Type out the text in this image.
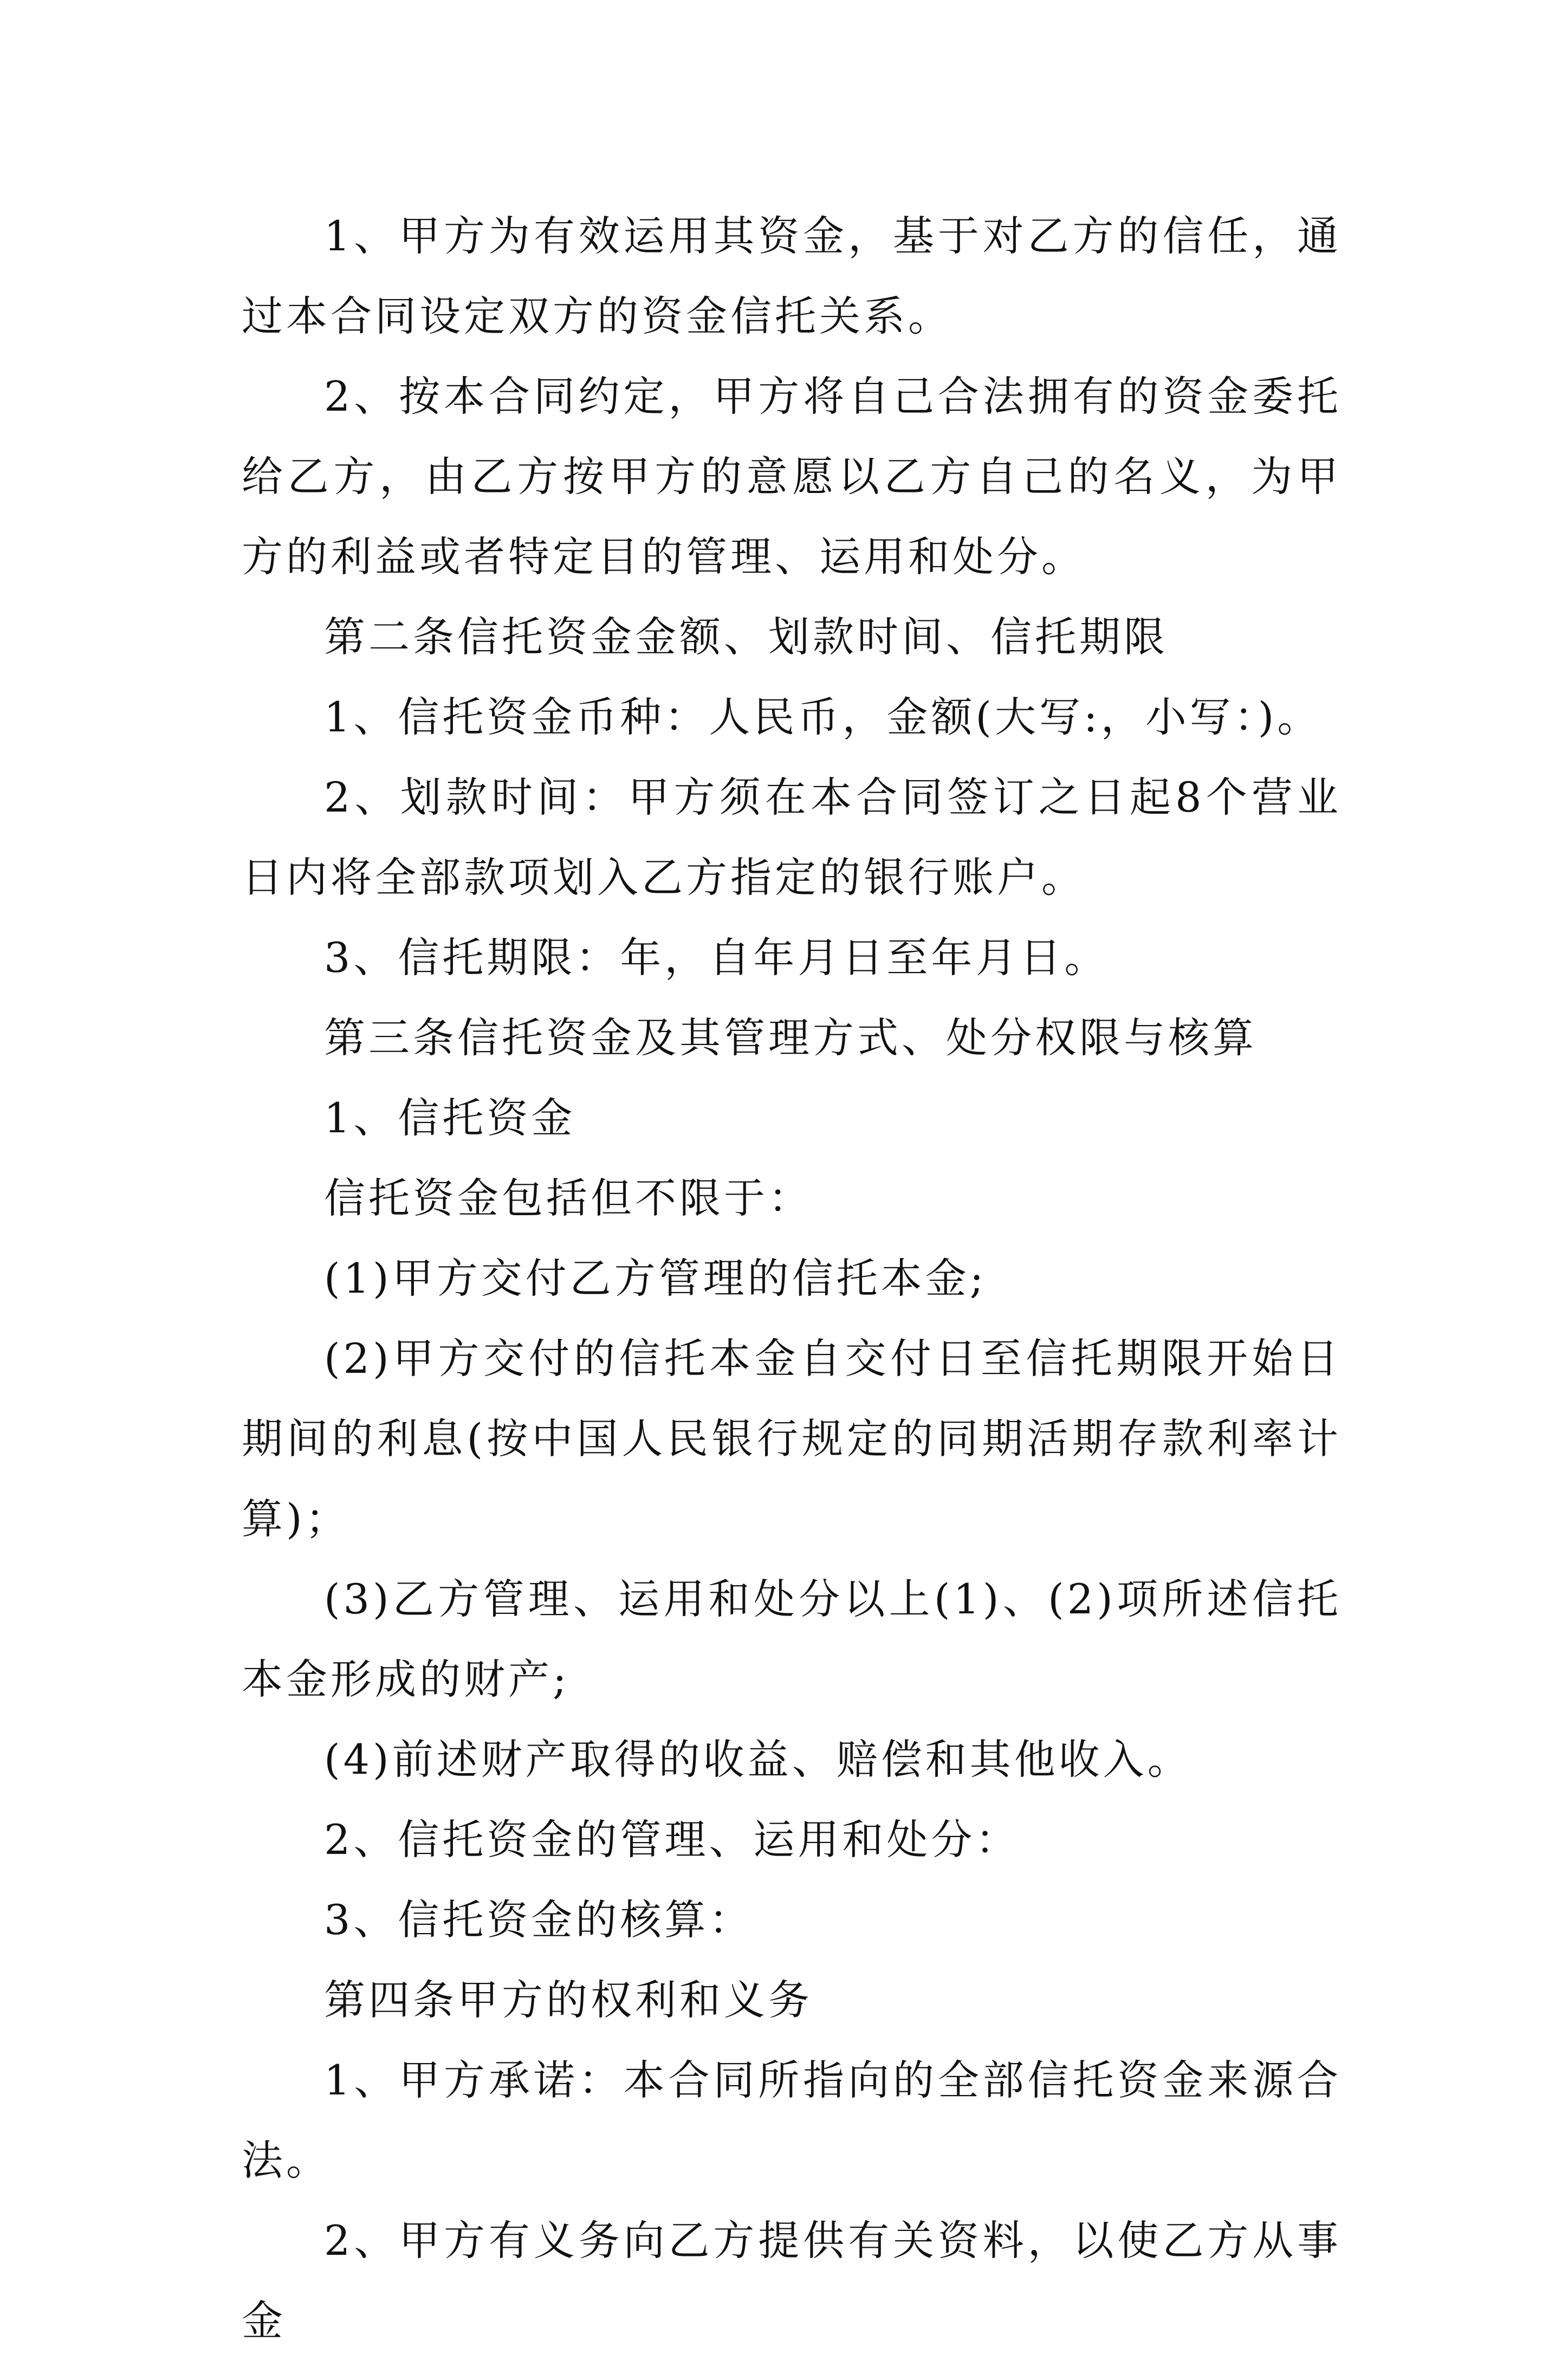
1、甲方为有效运用其资金，基于对乙方的信任，通过本合同设定双方的资金信托关系。

2、按本合同约定，甲方将自己合法拥有的资金委托给乙方，由乙方按甲方的意愿以乙方自己的名义，为甲方的利益或者特定目的管理、运用和处分。

第二条信托资金金额、划款时间、信托期限

1、信托资金币种：人民币，金额(大写:，小写：)。

2、划款时间：甲方须在本合同签订之日起8个营业日内将全部款项划入乙方指定的银行账户。

3、信托期限：年，自年月日至年月日。

第三条信托资金及其管理方式、处分权限与核算

1、信托资金

信托资金包括但不限于：

(1)甲方交付乙方管理的信托本金;

(2)甲方交付的信托本金自交付日至信托期限开始日期间的利息(按中国人民银行规定的同期活期存款利率计算)；

(3)乙方管理、运用和处分以上(1)、(2)项所述信托本金形成的财产;

(4)前述财产取得的收益、赔偿和其他收入。

2、信托资金的管理、运用和处分：

3、信托资金的核算：

第四条甲方的权利和义务

1、甲方承诺：本合同所指向的全部信托资金来源合法。

2、甲方有义务向乙方提供有关资料，以使乙方从事金
